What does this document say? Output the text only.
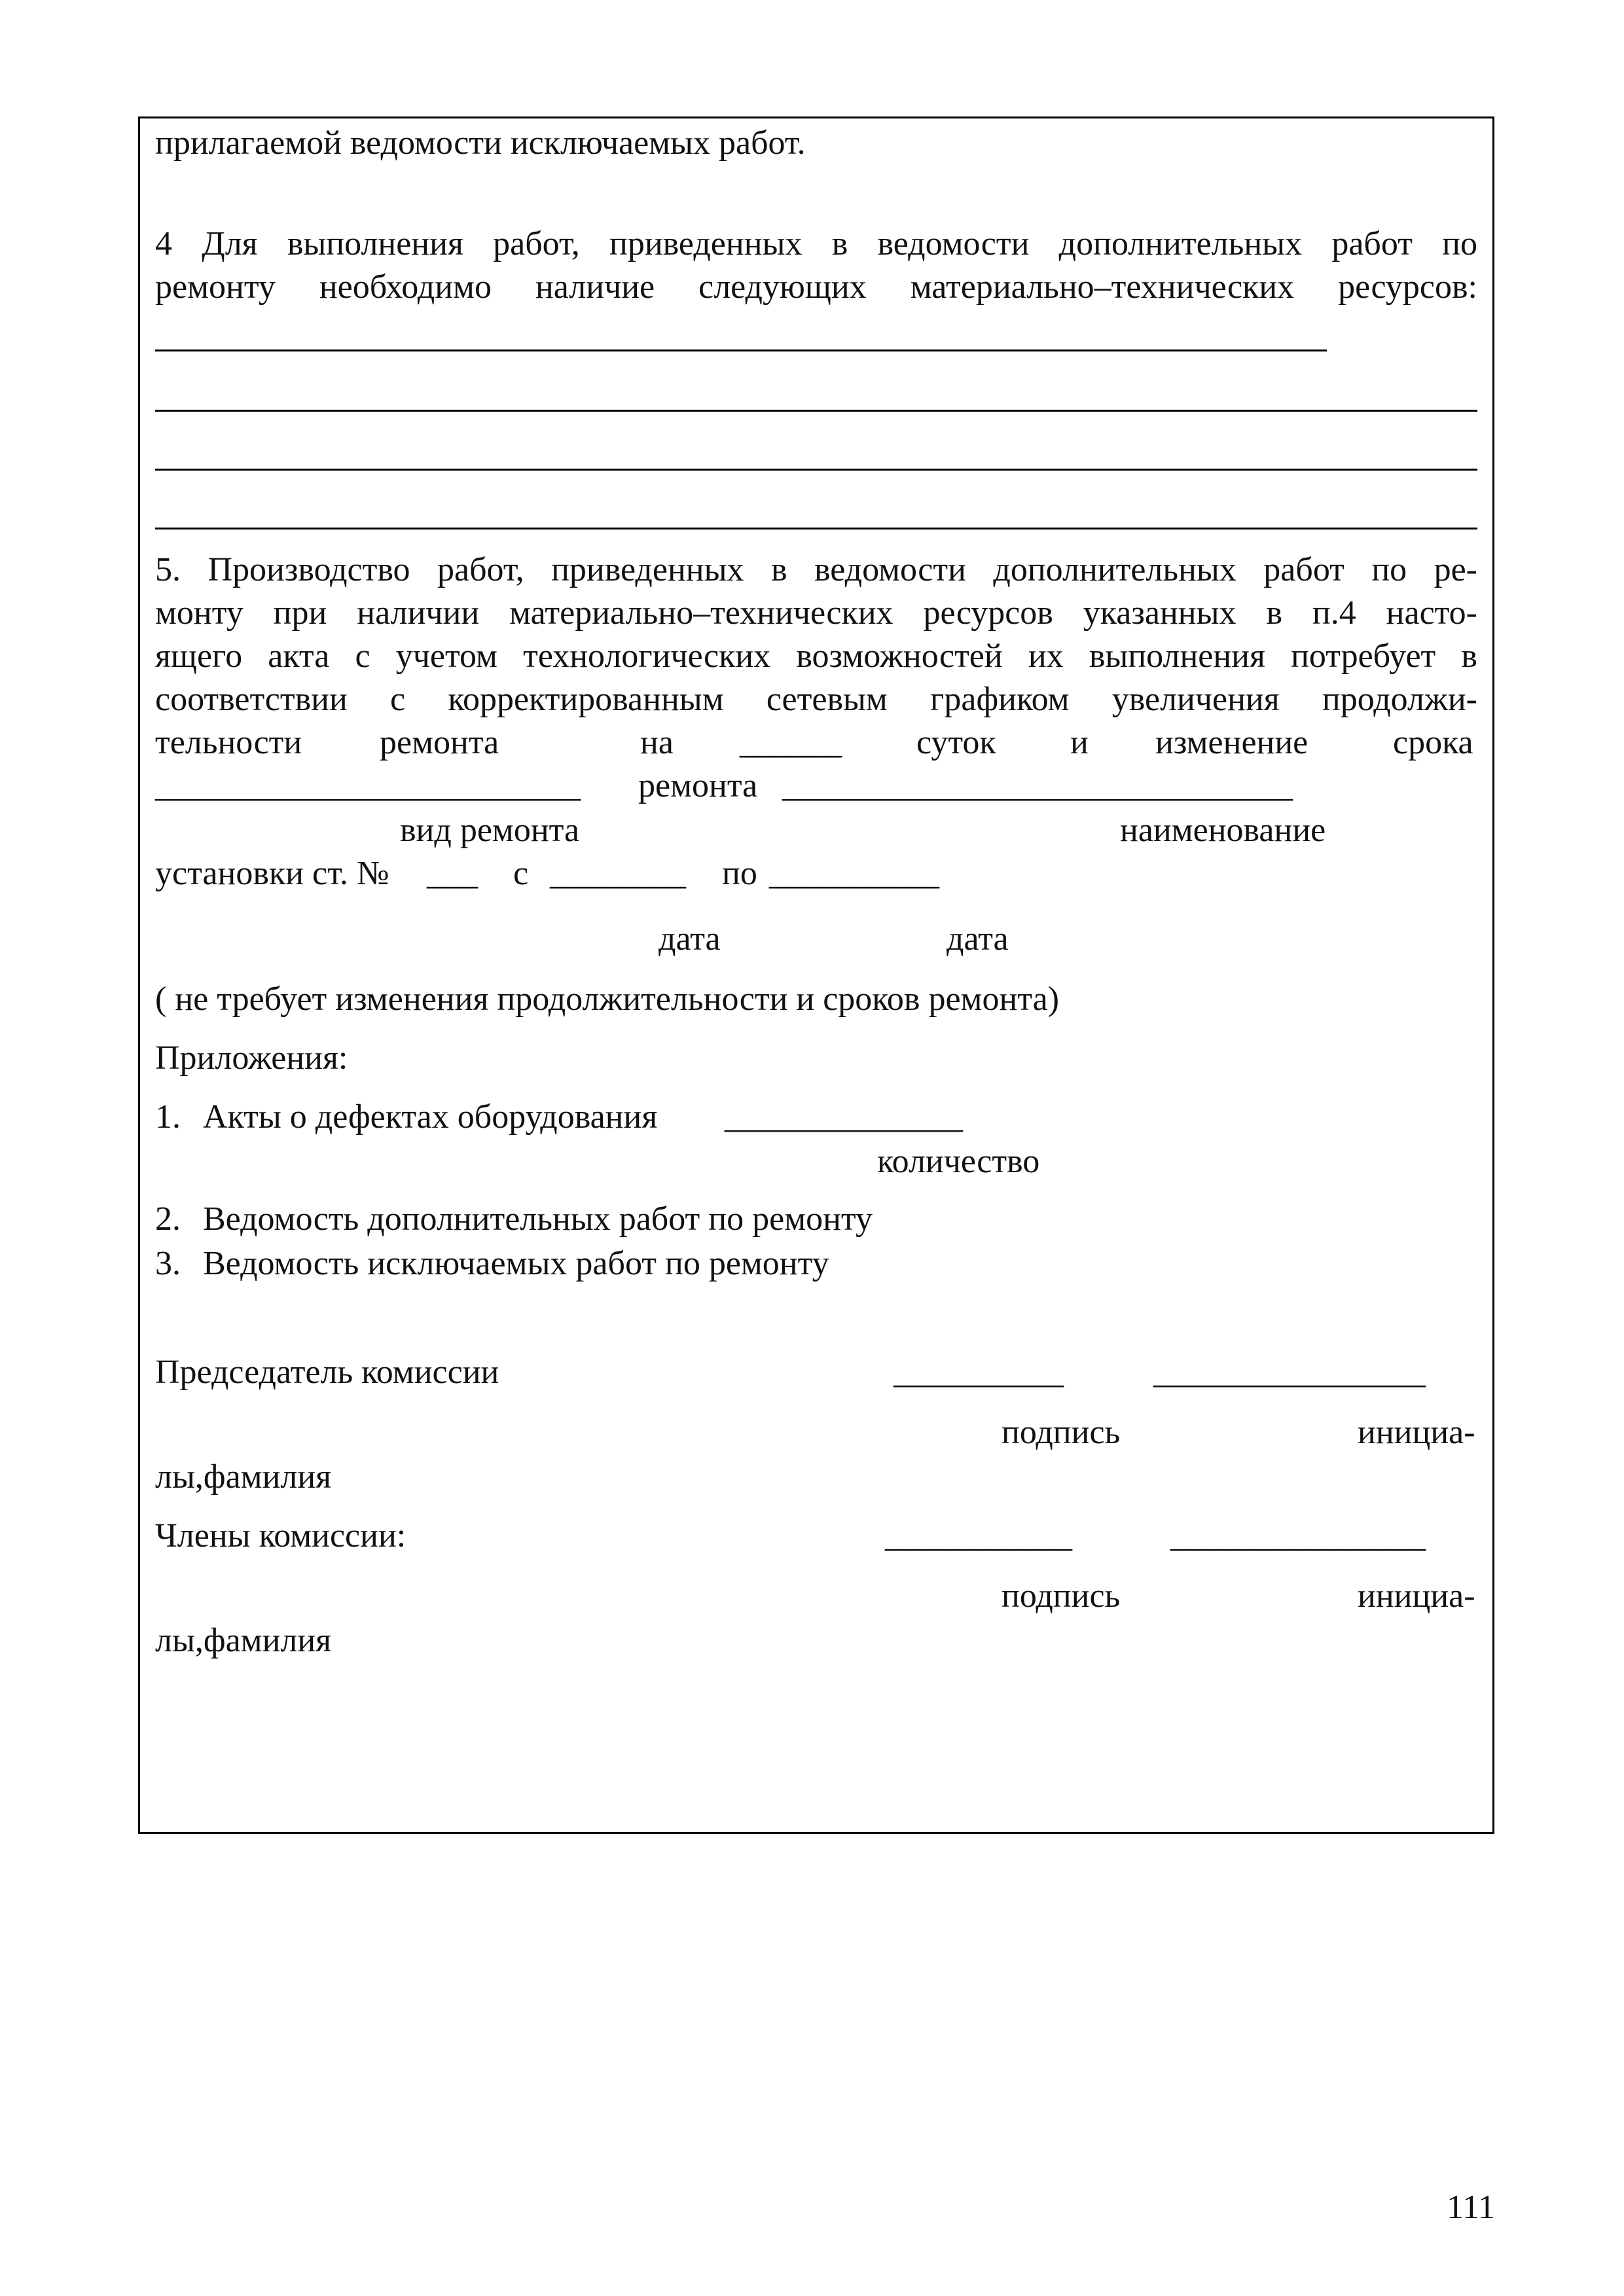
прилагаемой ведомости исключаемых работ.
4 Для выполнения работ, приведенных в ведомости дополнительных работ по
ремонту необходимо наличие следующих материально–технических ресурсов:
5. Производство работ, приведенных в ведомости дополнительных работ по ре-
монту при наличии материально–технических ресурсов указанных в п.4 насто-
ящего акта с учетом технологических возможностей их выполнения потребует в
соответствии с корректированным сетевым графиком увеличения продолжи-
тельности ремонта	на ______ суток и изменение срока
_________________________ ремонта ______________________________
вид ремонта	наименование
установки ст. № ___ с ________ по __________
дата	дата
( не требует изменения продолжительности и сроков ремонта)
Приложения:
1. Акты о дефектах оборудования ______________
количество
2. Ведомость дополнительных работ по ремонту
3. Ведомость исключаемых работ по ремонту
Председатель комиссии	__________	________________
подпись	инициа-
лы,фамилия
Члены комиссии:	___________	_______________
подпись	инициа-
лы,фамилия
111
